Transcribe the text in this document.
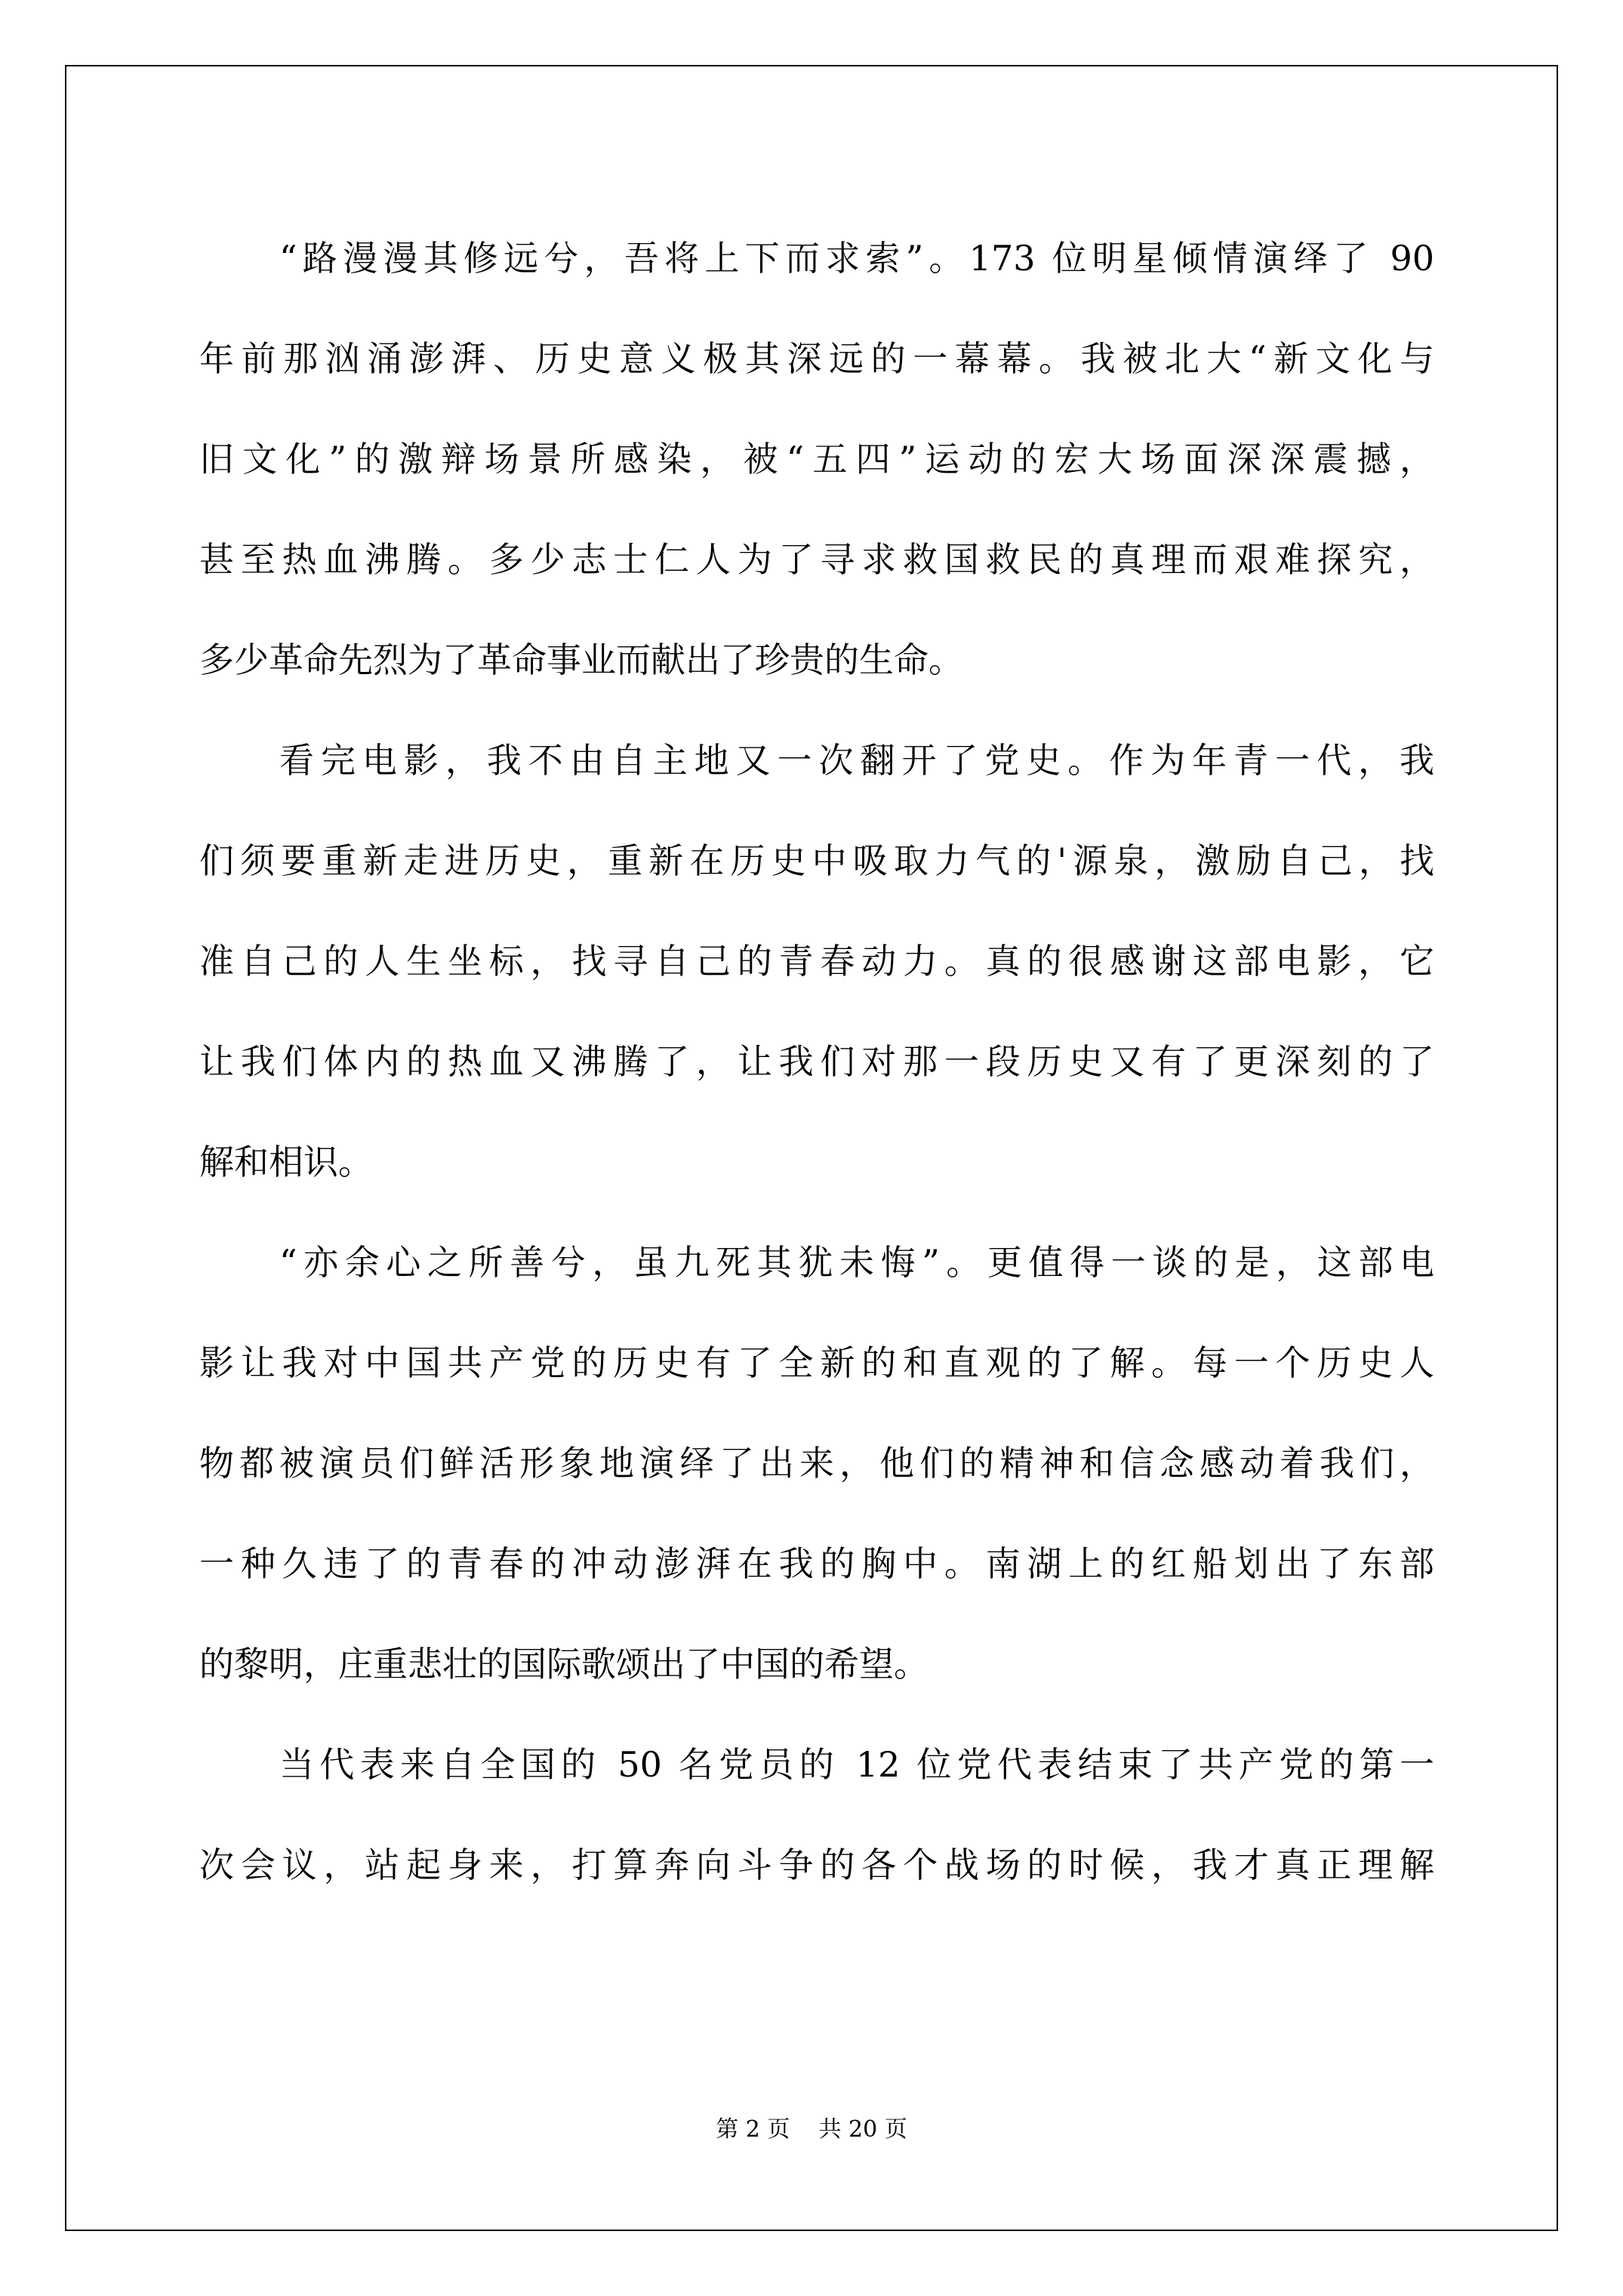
“路漫漫其修远兮，吾将上下而求索”。173 位明星倾情演绎了 90
年前那汹涌澎湃、历史意义极其深远的一幕幕。我被北大“新文化与
旧文化”的激辩场景所感染，被“五四”运动的宏大场面深深震撼，
甚至热血沸腾。多少志士仁人为了寻求救国救民的真理而艰难探究，
多少革命先烈为了革命事业而献出了珍贵的生命。
看完电影，我不由自主地又一次翻开了党史。作为年青一代，我
们须要重新走进历史，重新在历史中吸取力气的'源泉，激励自己，找
准自己的人生坐标，找寻自己的青春动力。真的很感谢这部电影，它
让我们体内的热血又沸腾了，让我们对那一段历史又有了更深刻的了
解和相识。
“亦余心之所善兮，虽九死其犹未悔”。更值得一谈的是，这部电
影让我对中国共产党的历史有了全新的和直观的了解。每一个历史人
物都被演员们鲜活形象地演绎了出来，他们的精神和信念感动着我们，
一种久违了的青春的冲动澎湃在我的胸中。南湖上的红船划出了东部
的黎明，庄重悲壮的国际歌颂出了中国的希望。
当代表来自全国的 50 名党员的 12 位党代表结束了共产党的第一
次会议，站起身来，打算奔向斗争的各个战场的时候，我才真正理解
第 2 页    共 20 页
